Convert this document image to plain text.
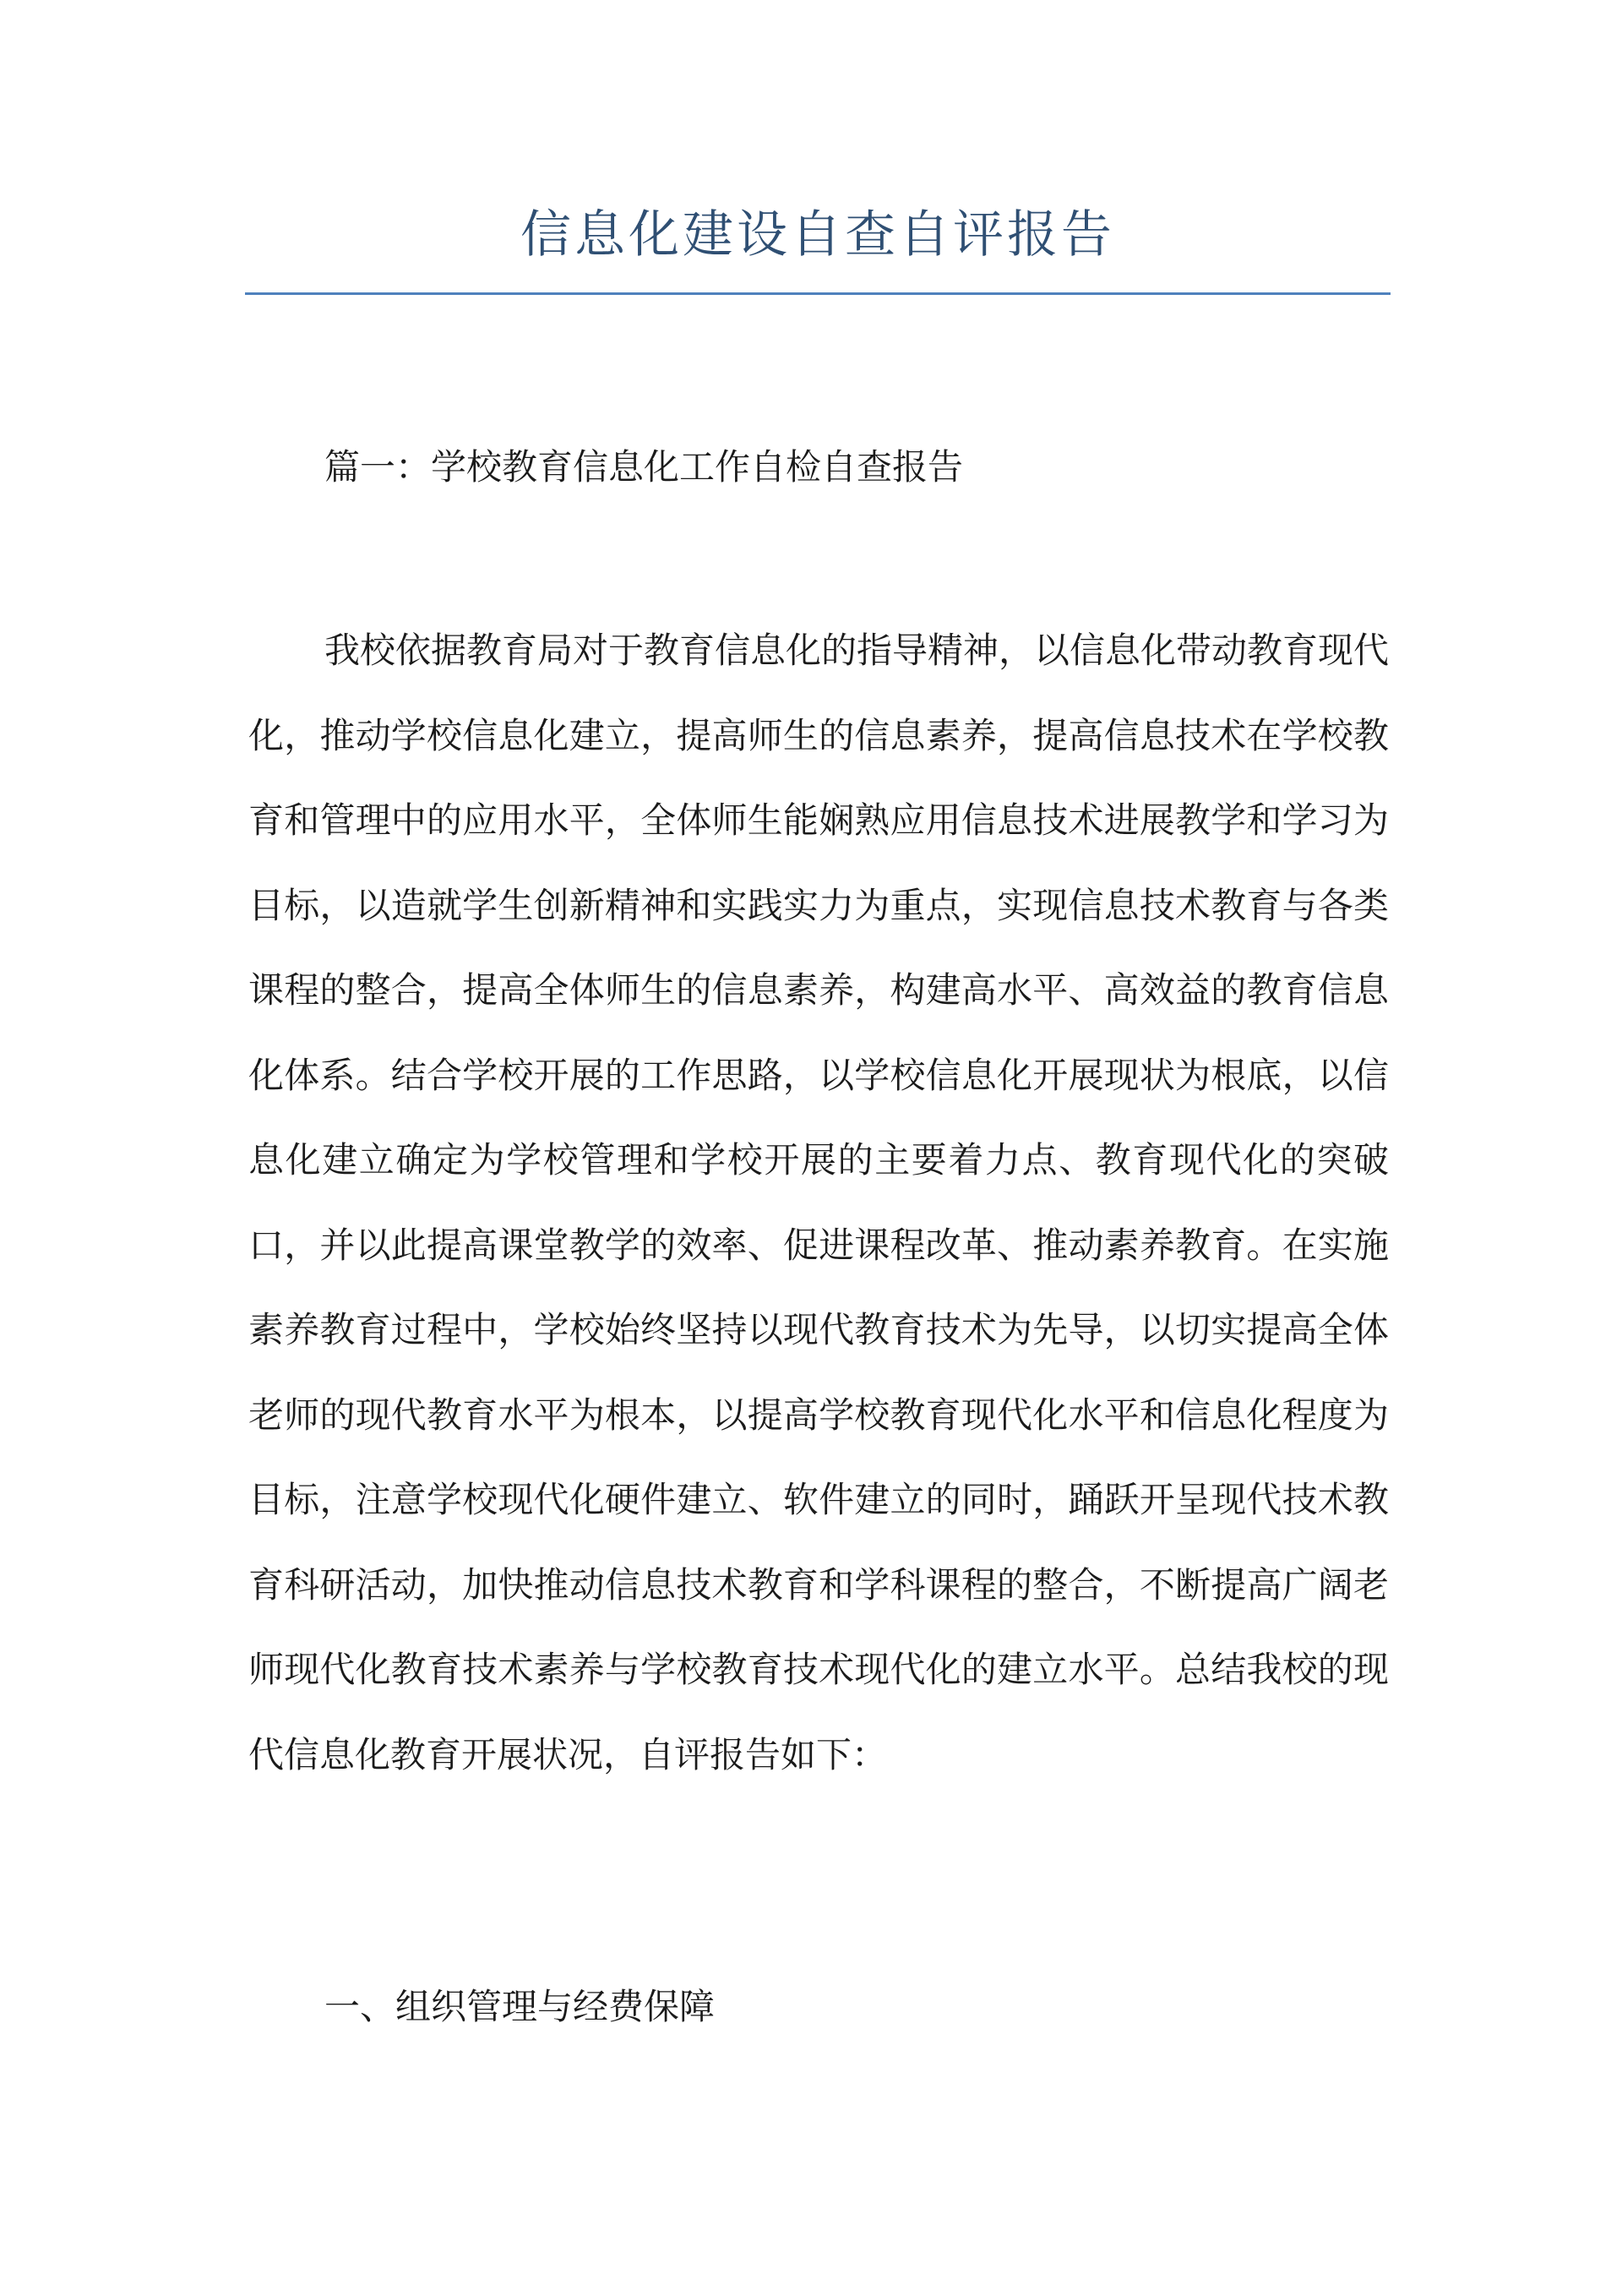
信息化建设自查自评报告
篇一：学校教育信息化工作自检自查报告

我校依据教育局对于教育信息化的指导精神，以信息化带动教育现代化，推动学校信息化建立，提高师生的信息素养，提高信息技术在学校教育和管理中的应用水平，全体师生能娴熟应用信息技术进展教学和学习为目标，以造就学生创新精神和实践实力为重点，实现信息技术教育与各类课程的整合，提高全体师生的信息素养，构建高水平、高效益的教育信息化体系。结合学校开展的工作思路，以学校信息化开展现状为根底，以信息化建立确定为学校管理和学校开展的主要着力点、教育现代化的突破口，并以此提高课堂教学的效率、促进课程改革、推动素养教育。在实施素养教育过程中，学校始终坚持以现代教育技术为先导，以切实提高全体老师的现代教育水平为根本，以提高学校教育现代化水平和信息化程度为目标，注意学校现代化硬件建立、软件建立的同时，踊跃开呈现代技术教育科研活动，加快推动信息技术教育和学科课程的整合，不断提高广阔老师现代化教育技术素养与学校教育技术现代化的建立水平。总结我校的现代信息化教育开展状况，自评报告如下：

一、组织管理与经费保障
